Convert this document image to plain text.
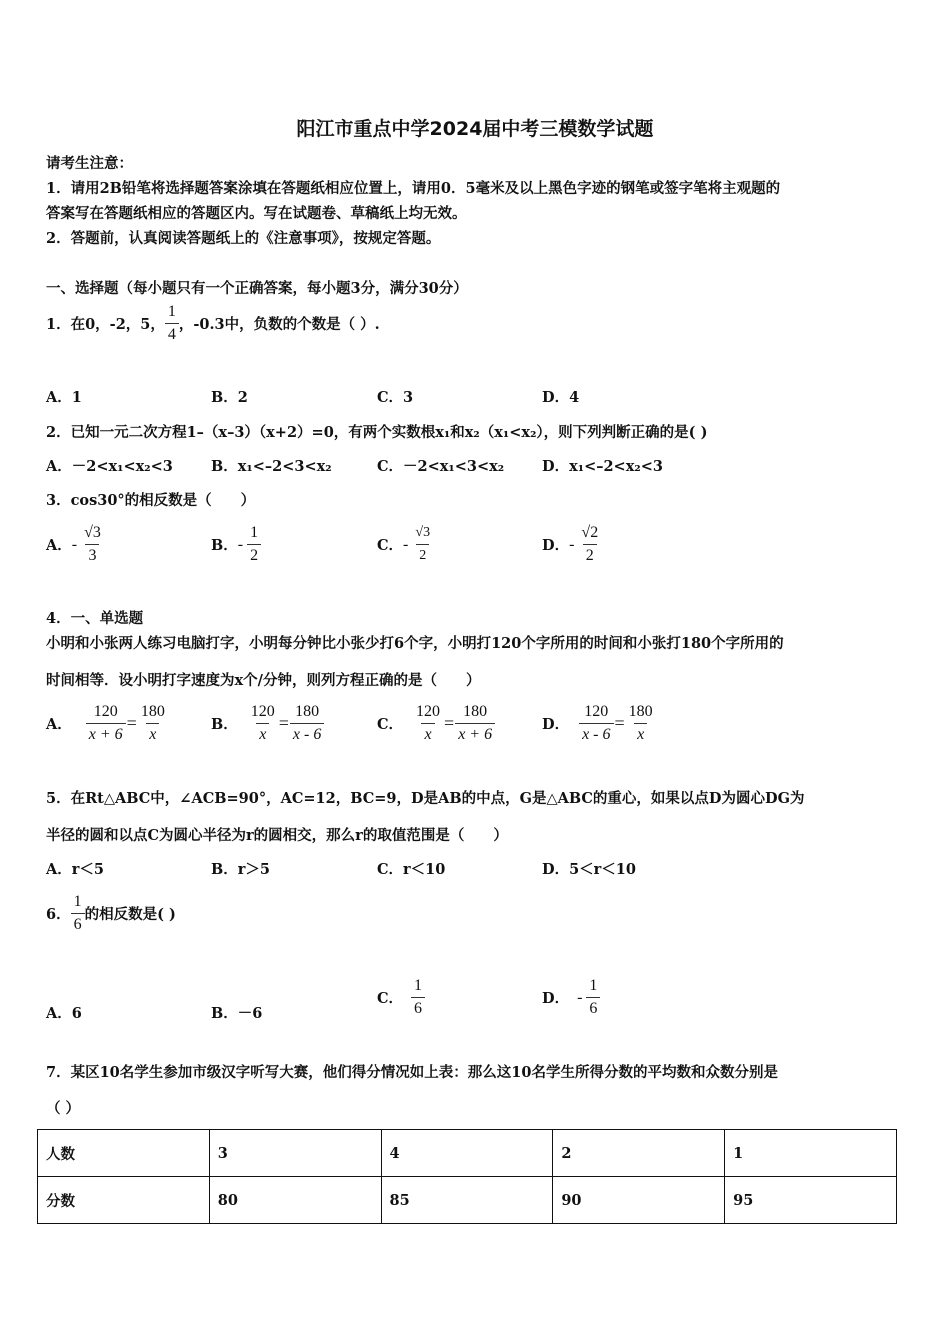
阳江市重点中学2024届中考三模数学试题
请考生注意：
1．请用2B铅笔将选择题答案涂填在答题纸相应位置上，请用0．5毫米及以上黑色字迹的钢笔或签字笔将主观题的
答案写在答题纸相应的答题区内。写在试题卷、草稿纸上均无效。
2．答题前，认真阅读答题纸上的《注意事项》，按规定答题。
一、选择题（每小题只有一个正确答案，每小题3分，满分30分）
1．在0，-2，5， $\frac{1}{4}$ ，-0.3中，负数的个数是（ ）.
A．1	B．2	C．3	D．4
2．已知一元二次方程1–（x–3）（x+2）=0，有两个实数根x₁和x₂（x₁<x₂），则下列判断正确的是( )
A．－2<x₁<x₂<3	B．x₁<–2<3<x₂	C．－2<x₁<3<x₂	D．x₁<–2<x₂<3
3．cos30°的相反数是（　　）
A． - $\frac{√3}{3}$	B． - $\frac{1}{2}$	C． - $\frac{√3}{2}$	D． - $\frac{√2}{2}$
4．一、单选题
小明和小张两人练习电脑打字，小明每分钟比小张少打6个字，小明打120个字所用的时间和小张打180个字所用的
时间相等．设小明打字速度为x个/分钟，则列方程正确的是（　　）
A． $\frac{120}{x + 6} = \frac{180}{x}$	B． $\frac{120}{x} = \frac{180}{x - 6}$	C． $\frac{120}{x} = \frac{180}{x + 6}$	D． $\frac{120}{x - 6} = \frac{180}{x}$
5．在Rt△ABC中，∠ACB=90°，AC=12，BC=9，D是AB的中点，G是△ABC的重心，如果以点D为圆心DG为
半径的圆和以点C为圆心半径为r的圆相交，那么r的取值范围是（　　）
A．r＜5	B．r＞5	C．r＜10	D．5＜r＜10
6． $\frac{1}{6}$ 的相反数是( )
A．6	B．－6
C． $\frac{1}{6}$	D． - $\frac{1}{6}$
7．某区10名学生参加市级汉字听写大赛，他们得分情况如上表：那么这10名学生所得分数的平均数和众数分别是
（ ）
人数	3	4	2	1
分数	80	85	90	95
